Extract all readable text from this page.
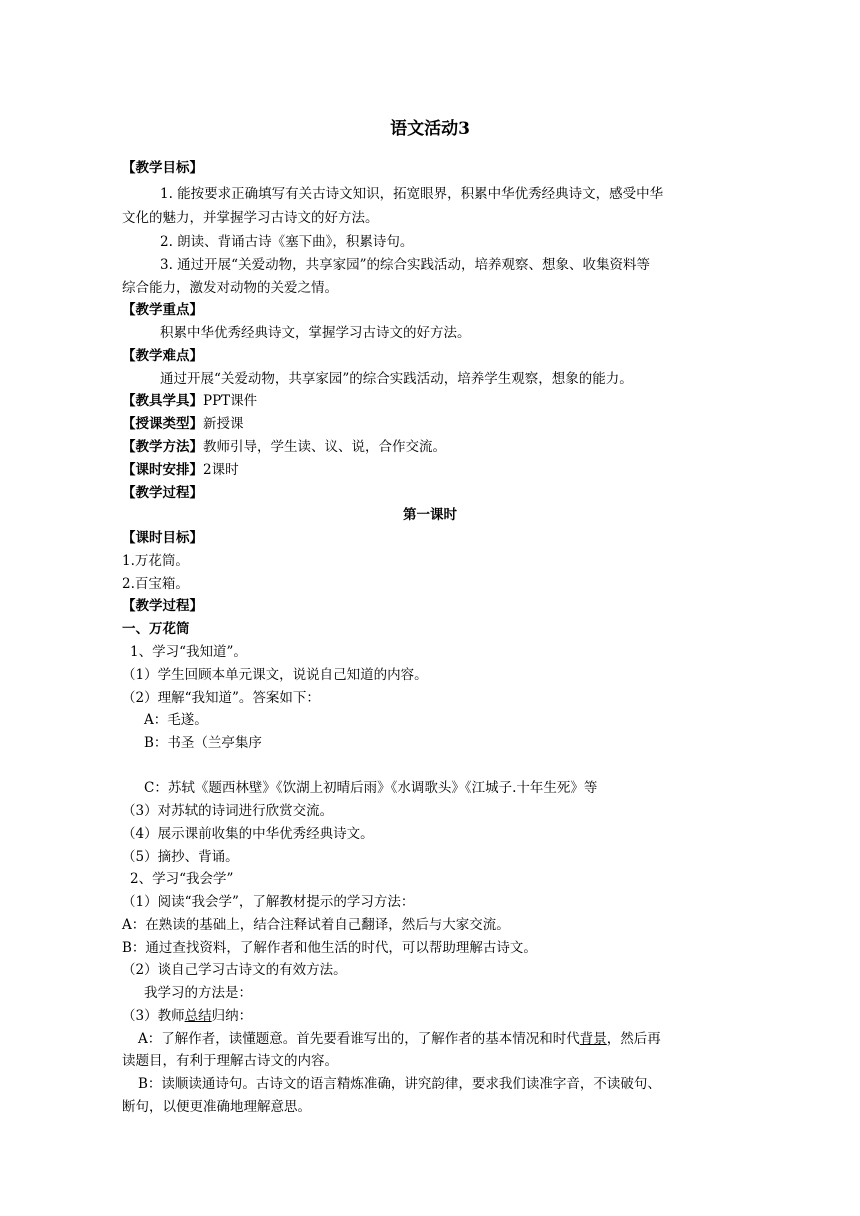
语文活动3
【教学目标】
1. 能按要求正确填写有关古诗文知识，拓宽眼界，积累中华优秀经典诗文，感受中华
文化的魅力，并掌握学习古诗文的好方法。
2. 朗读、背诵古诗《塞下曲》，积累诗句。
3. 通过开展“关爱动物，共享家园”的综合实践活动，培养观察、想象、收集资料等
综合能力，激发对动物的关爱之情。
【教学重点】
积累中华优秀经典诗文，掌握学习古诗文的好方法。
【教学难点】
通过开展“关爱动物，共享家园”的综合实践活动，培养学生观察，想象的能力。
【教具学具】PPT课件
【授课类型】新授课
【教学方法】教师引导，学生读、议、说，合作交流。
【课时安排】2课时
【教学过程】
第一课时
【课时目标】
1.万花筒。
2.百宝箱。
【教学过程】
一、万花筒
1、学习“我知道”。
（1）学生回顾本单元课文，说说自己知道的内容。
（2）理解“我知道”。答案如下：
A：毛遂。
B：书圣（兰亭集序
C：苏轼《题西林壁》《饮湖上初晴后雨》《水调歌头》《江城子.十年生死》等
（3）对苏轼的诗词进行欣赏交流。
（4）展示课前收集的中华优秀经典诗文。
（5）摘抄、背诵。
2、学习“我会学”
（1）阅读“我会学”，了解教材提示的学习方法：
A：在熟读的基础上，结合注释试着自己翻译，然后与大家交流。
B：通过查找资料，了解作者和他生活的时代，可以帮助理解古诗文。
（2）谈自己学习古诗文的有效方法。
我学习的方法是：
（3）教师总结归纳：
A：了解作者，读懂题意。首先要看谁写出的，了解作者的基本情况和时代背景，然后再
读题目，有利于理解古诗文的内容。
B：读顺读通诗句。古诗文的语言精炼准确，讲究韵律，要求我们读准字音，不读破句、
断句，以便更准确地理解意思。
